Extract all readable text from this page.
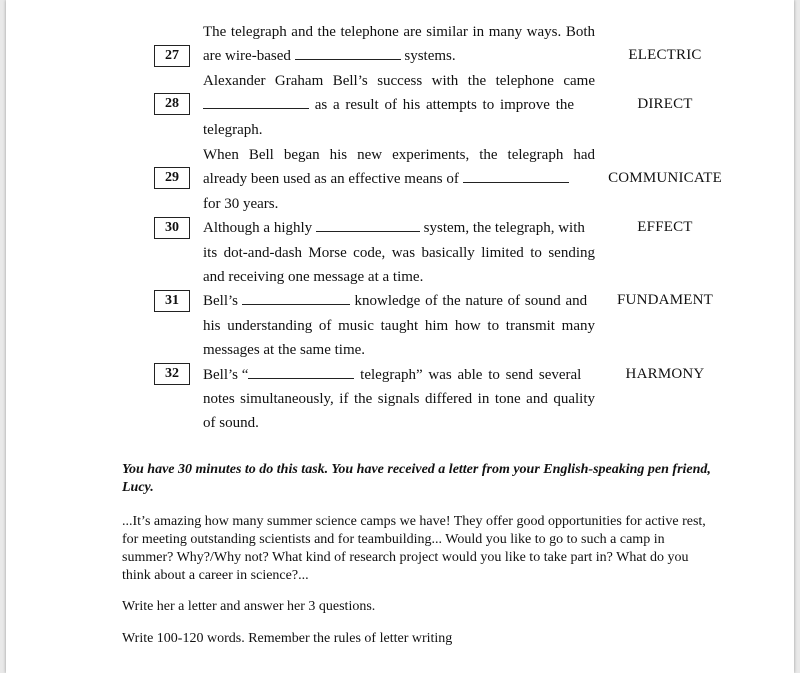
The telegraph and the telephone are similar in many ways. Both
27	are wire-based	systems.	ELECTRIC
Alexander Graham Bell’s success with the telephone came
28	as a result of his attempts to improve the	DIRECT
telegraph.
When Bell began his new experiments, the telegraph had
29	already been used as an effective means of	COMMUNICATE
for 30 years.
30	Although a highly	system, the telegraph, with	EFFECT
its dot-and-dash Morse code, was basically limited to sending
and receiving one message at a time.
31	Bell’s	knowledge of the nature of sound and	FUNDAMENT
his understanding of music taught him how to transmit many
messages at the same time.
32	Bell’s “	telegraph” was able to send several	HARMONY
notes simultaneously, if the signals differed in tone and quality
of sound.
You have 30 minutes to do this task. You have received a letter from your English-speaking pen friend,
Lucy.
...It’s amazing how many summer science camps we have! They offer good opportunities for active rest,
for meeting outstanding scientists and for teambuilding... Would you like to go to such a camp in
summer? Why?/Why not? What kind of research project would you like to take part in? What do you
think about a career in science?...
Write her a letter and answer her 3 questions.
Write 100-120 words. Remember the rules of letter writing
